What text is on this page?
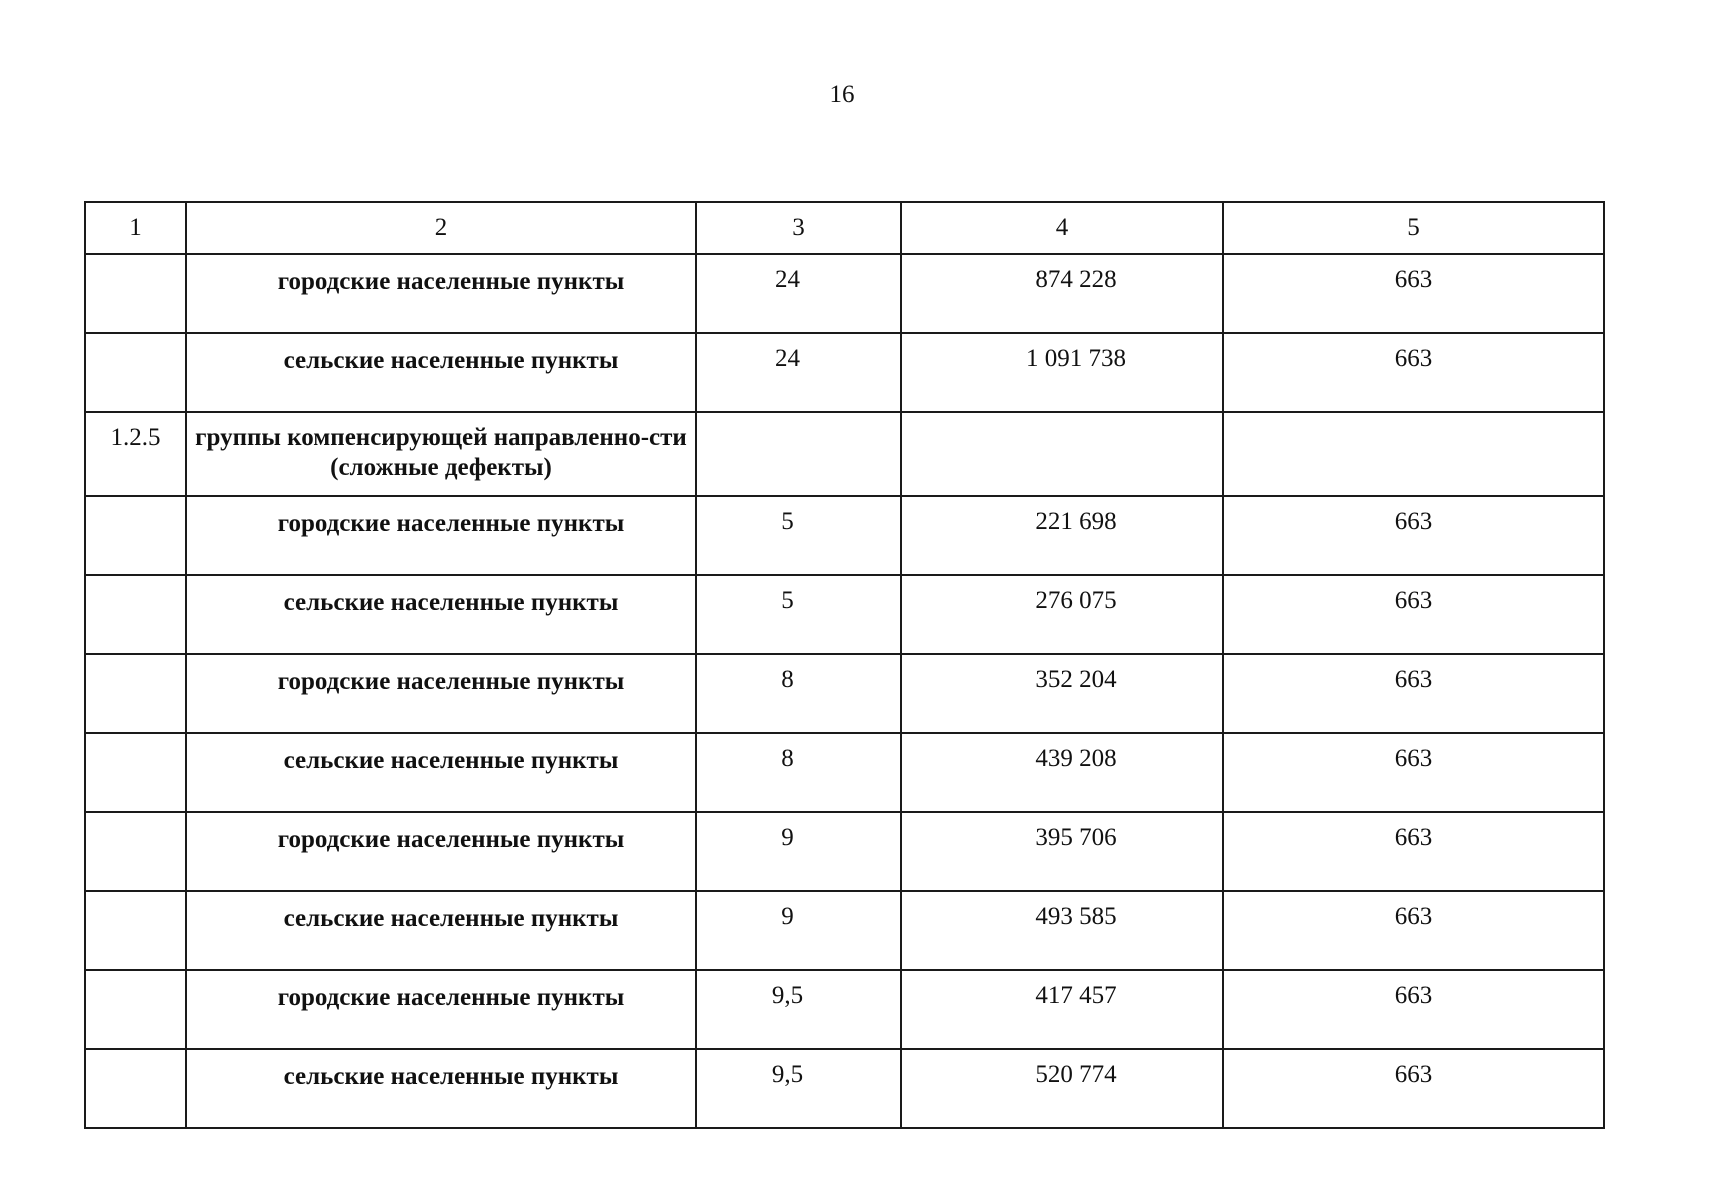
16
1	2	3	4	5

	городские населенные пункты	24	874 228	663

	сельские населенные пункты	24	1 091 738	663

1.2.5	группы компенсирующей направленно-сти (сложные дефекты)			

	городские населенные пункты	5	221 698	663

	сельские населенные пункты	5	276 075	663

	городские населенные пункты	8	352 204	663

	сельские населенные пункты	8	439 208	663

	городские населенные пункты	9	395 706	663

	сельские населенные пункты	9	493 585	663

	городские населенные пункты	9,5	417 457	663

	сельские населенные пункты	9,5	520 774	663
